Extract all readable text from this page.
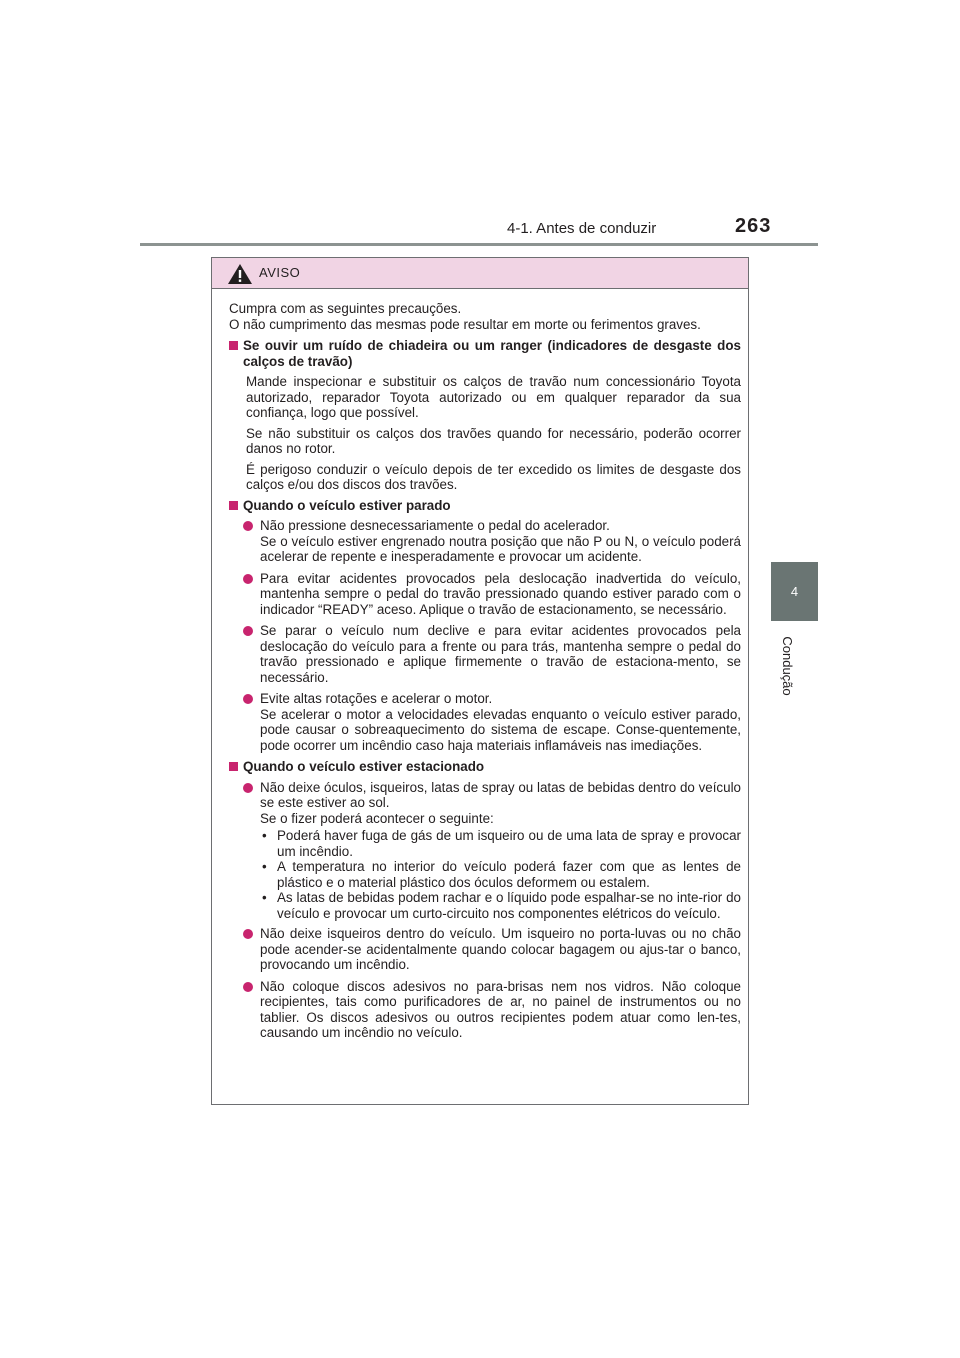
4-1. Antes de conduzir	263
4
Condução
AVISO

Cumpra com as seguintes precauções.
O não cumprimento das mesmas pode resultar em morte ou ferimentos graves.

Se ouvir um ruído de chiadeira ou um ranger (indicadores de desgaste dos calços de travão)

Mande inspecionar e substituir os calços de travão num concessionário Toyota autorizado, reparador Toyota autorizado ou em qualquer reparador da sua confiança, logo que possível.

Se não substituir os calços dos travões quando for necessário, poderão ocorrer danos no rotor.

É perigoso conduzir o veículo depois de ter excedido os limites de desgaste dos calços e/ou dos discos dos travões.

Quando o veículo estiver parado

Não pressione desnecessariamente o pedal do acelerador.
Se o veículo estiver engrenado noutra posição que não P ou N, o veículo poderá acelerar de repente e inesperadamente e provocar um acidente.

Para evitar acidentes provocados pela deslocação inadvertida do veículo, mantenha sempre o pedal do travão pressionado quando estiver parado com o indicador “READY” aceso. Aplique o travão de estacionamento, se necessário.

Se parar o veículo num declive e para evitar acidentes provocados pela deslocação do veículo para a frente ou para trás, mantenha sempre o pedal do travão pressionado e aplique firmemente o travão de estaciona-mento, se necessário.

Evite altas rotações e acelerar o motor.
Se acelerar o motor a velocidades elevadas enquanto o veículo estiver parado, pode causar o sobreaquecimento do sistema de escape. Conse-quentemente, pode ocorrer um incêndio caso haja materiais inflamáveis nas imediações.

Quando o veículo estiver estacionado

Não deixe óculos, isqueiros, latas de spray ou latas de bebidas dentro do veículo se este estiver ao sol.
Se o fizer poderá acontecer o seguinte:

• Poderá haver fuga de gás de um isqueiro ou de uma lata de spray e provocar um incêndio.

• A temperatura no interior do veículo poderá fazer com que as lentes de plástico e o material plástico dos óculos deformem ou estalem.

• As latas de bebidas podem rachar e o líquido pode espalhar-se no inte-rior do veículo e provocar um curto-circuito nos componentes elétricos do veículo.

Não deixe isqueiros dentro do veículo. Um isqueiro no porta-luvas ou no chão pode acender-se acidentalmente quando colocar bagagem ou ajus-tar o banco, provocando um incêndio.

Não coloque discos adesivos no para-brisas nem nos vidros. Não coloque recipientes, tais como purificadores de ar, no painel de instrumentos ou no tablier. Os discos adesivos ou outros recipientes podem atuar como len-tes, causando um incêndio no veículo.
